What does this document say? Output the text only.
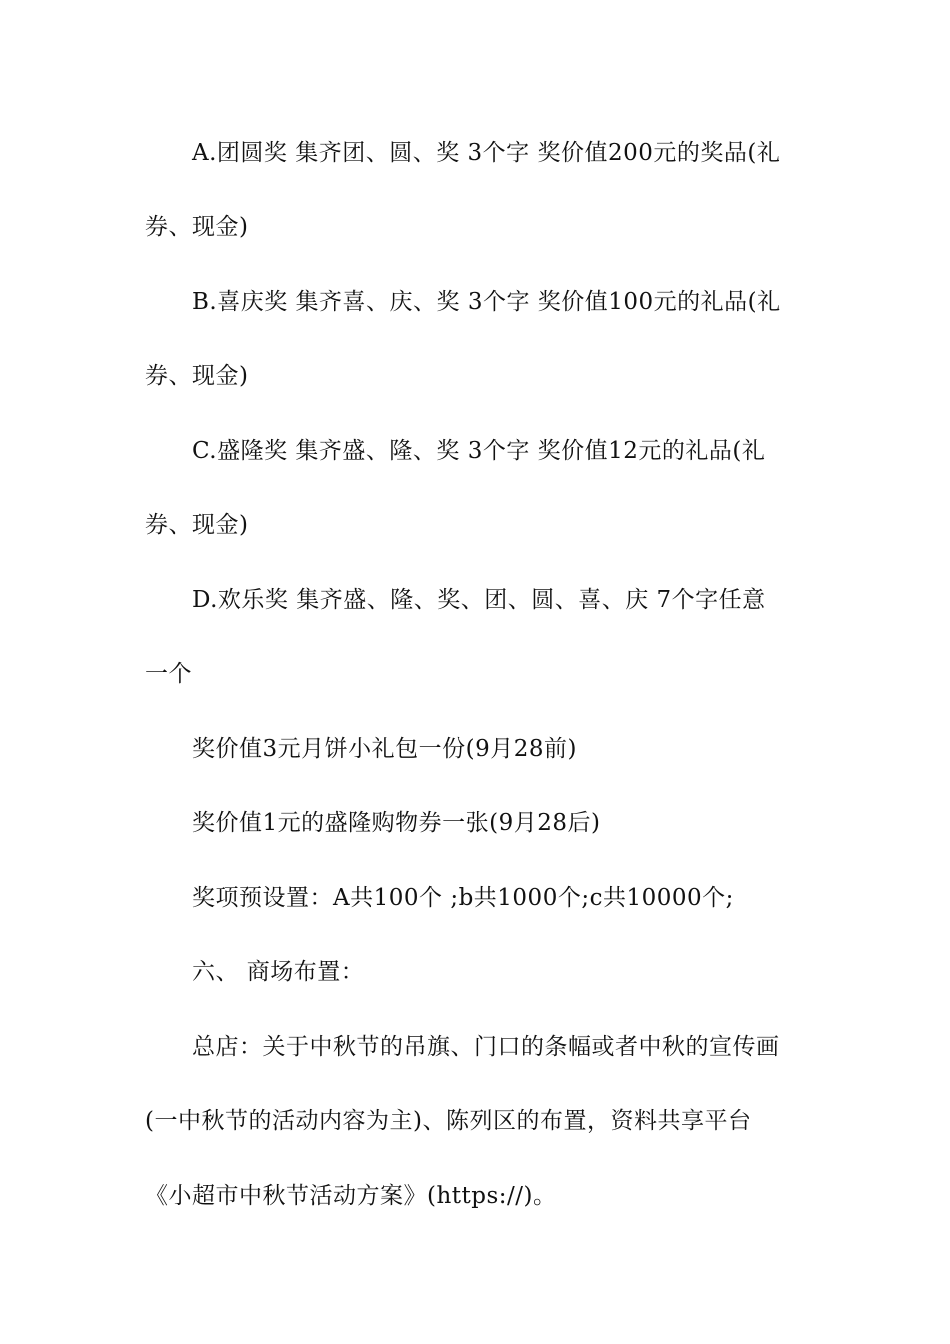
A.团圆奖 集齐团、圆、奖 3个字 奖价值200元的奖品(礼
券、现金)
B.喜庆奖 集齐喜、庆、奖 3个字 奖价值100元的礼品(礼
券、现金)
C.盛隆奖 集齐盛、隆、奖 3个字 奖价值12元的礼品(礼
券、现金)
D.欢乐奖 集齐盛、隆、奖、团、圆、喜、庆 7个字任意
一个
奖价值3元月饼小礼包一份(9月28前)
奖价值1元的盛隆购物券一张(9月28后)
奖项预设置：A共100个 ;b共1000个;c共10000个;
六、 商场布置：
总店：关于中秋节的吊旗、门口的条幅或者中秋的宣传画
(一中秋节的活动内容为主)、陈列区的布置，资料共享平台
《小超市中秋节活动方案》(https://)。
